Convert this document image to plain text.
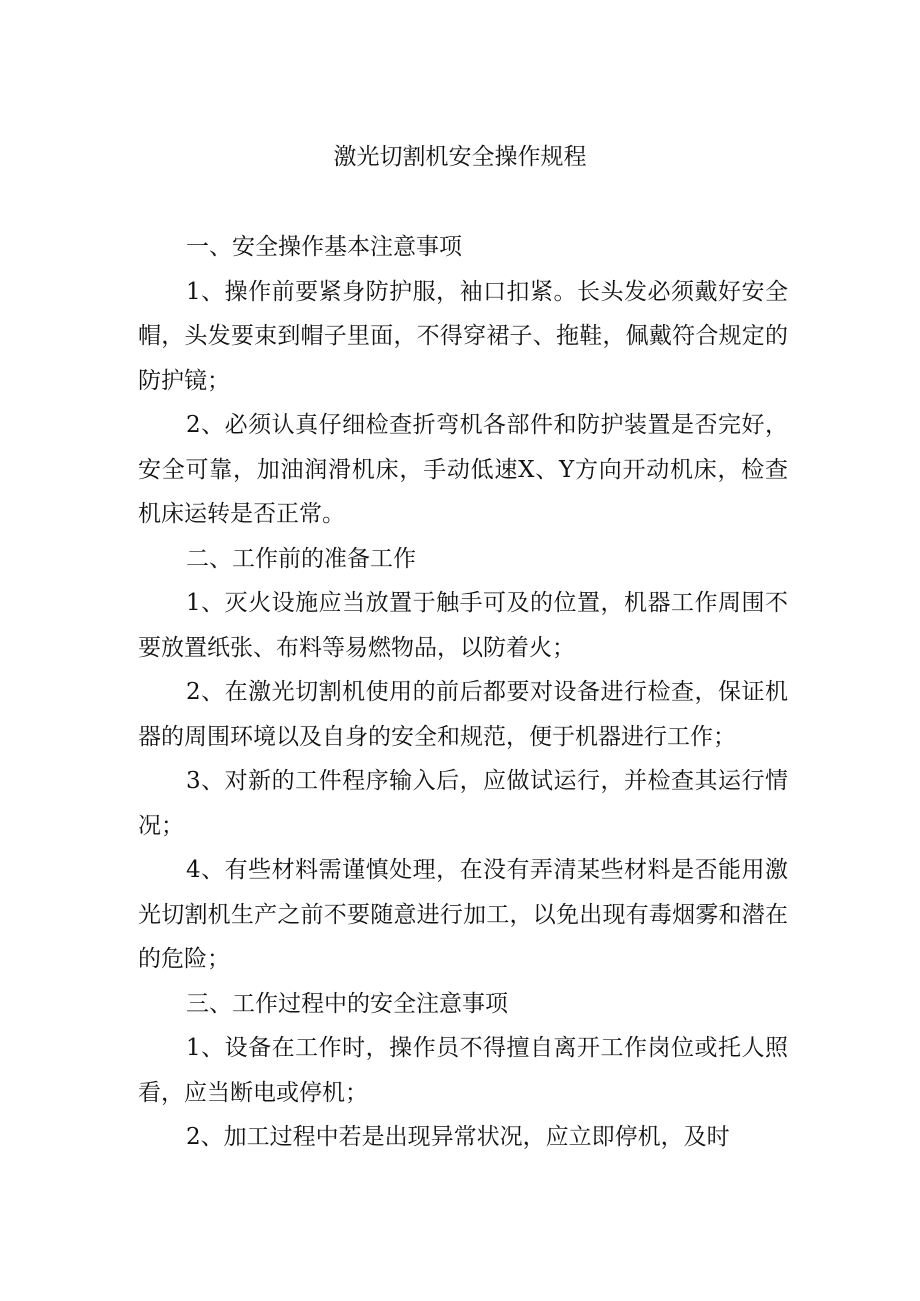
激光切割机安全操作规程

一、安全操作基本注意事项

1、操作前要紧身防护服，袖口扣紧。长头发必须戴好安全帽，头发要束到帽子里面，不得穿裙子、拖鞋，佩戴符合规定的防护镜；

2、必须认真仔细检查折弯机各部件和防护装置是否完好，安全可靠，加油润滑机床，手动低速X、Y方向开动机床，检查机床运转是否正常。

二、工作前的准备工作

1、灭火设施应当放置于触手可及的位置，机器工作周围不要放置纸张、布料等易燃物品，以防着火；

2、在激光切割机使用的前后都要对设备进行检查，保证机器的周围环境以及自身的安全和规范，便于机器进行工作；

3、对新的工件程序输入后，应做试运行，并检查其运行情况；

4、有些材料需谨慎处理，在没有弄清某些材料是否能用激光切割机生产之前不要随意进行加工，以免出现有毒烟雾和潜在的危险；

三、工作过程中的安全注意事项

1、设备在工作时，操作员不得擅自离开工作岗位或托人照看，应当断电或停机；

2、加工过程中若是出现异常状况，应立即停机，及时
